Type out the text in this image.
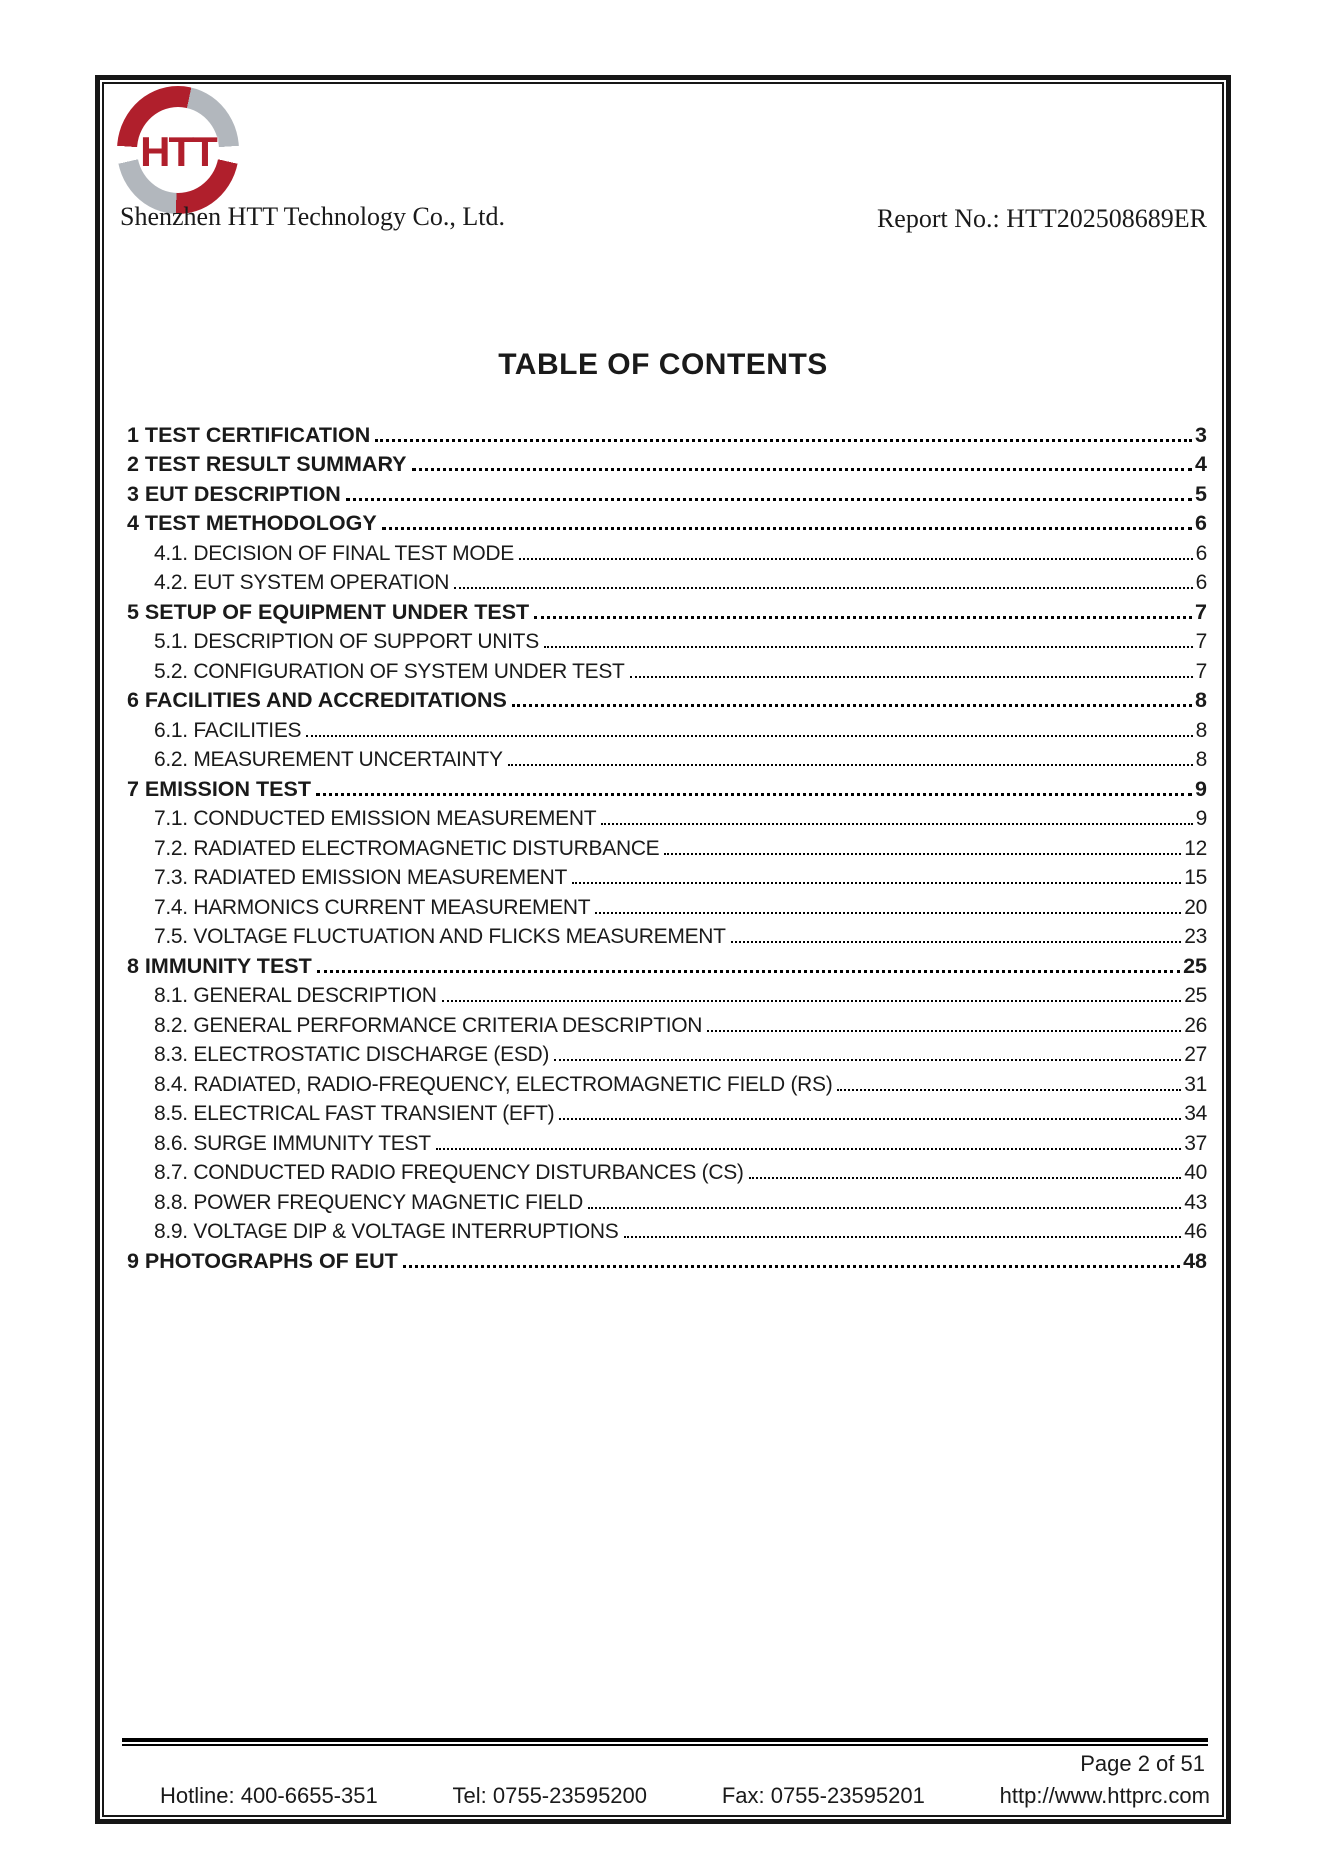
HTT
Shenzhen HTT Technology Co., Ltd.	Report No.: HTT202508689ER
TABLE OF CONTENTS
1 TEST CERTIFICATION	3
2 TEST RESULT SUMMARY	4
3 EUT DESCRIPTION	5
4 TEST METHODOLOGY	6
4.1. DECISION OF FINAL TEST MODE	6
4.2. EUT SYSTEM OPERATION	6
5 SETUP OF EQUIPMENT UNDER TEST	7
5.1. DESCRIPTION OF SUPPORT UNITS	7
5.2. CONFIGURATION OF SYSTEM UNDER TEST	7
6 FACILITIES AND ACCREDITATIONS	8
6.1. FACILITIES	8
6.2. MEASUREMENT UNCERTAINTY	8
7 EMISSION TEST	9
7.1. CONDUCTED EMISSION MEASUREMENT	9
7.2. RADIATED ELECTROMAGNETIC DISTURBANCE	12
7.3. RADIATED EMISSION MEASUREMENT	15
7.4. HARMONICS CURRENT MEASUREMENT	20
7.5. VOLTAGE FLUCTUATION AND FLICKS MEASUREMENT	23
8 IMMUNITY TEST	25
8.1. GENERAL DESCRIPTION	25
8.2. GENERAL PERFORMANCE CRITERIA DESCRIPTION	26
8.3. ELECTROSTATIC DISCHARGE (ESD)	27
8.4. RADIATED, RADIO-FREQUENCY, ELECTROMAGNETIC FIELD (RS)	31
8.5. ELECTRICAL FAST TRANSIENT (EFT)	34
8.6. SURGE IMMUNITY TEST	37
8.7. CONDUCTED RADIO FREQUENCY DISTURBANCES (CS)	40
8.8. POWER FREQUENCY MAGNETIC FIELD	43
8.9. VOLTAGE DIP & VOLTAGE INTERRUPTIONS	46
9 PHOTOGRAPHS OF EUT	48
Page 2 of 51
Hotline: 400-6655-351	Tel: 0755-23595200	Fax: 0755-23595201	http://www.httprc.com
